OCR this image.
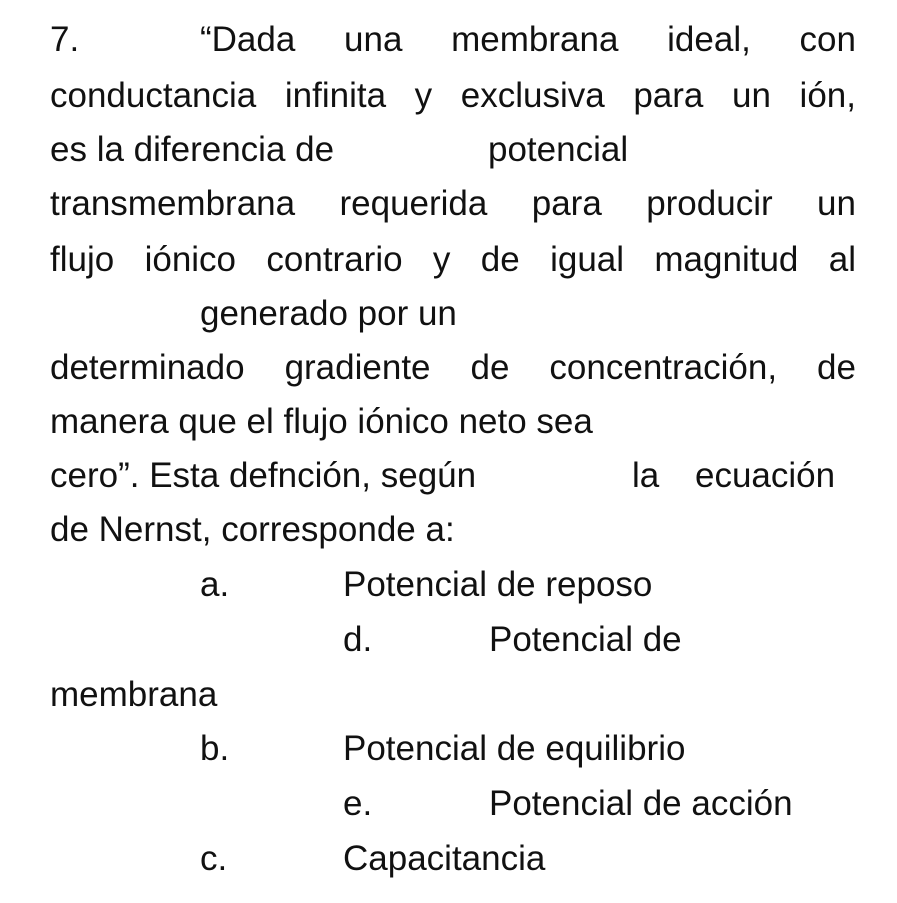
7.	“Dada una membrana ideal, con
conductancia infinita y exclusiva para un ión,
es la diferencia de	potencial
transmembrana requerida para producir un
flujo iónico contrario y de igual magnitud al
generado por un
determinado gradiente de concentración, de
manera que el flujo iónico neto sea
cero”. Esta defnción, según	la ecuación
de Nernst, corresponde a:
a.	Potencial de reposo
d.	Potencial de
membrana
b.	Potencial de equilibrio
e.	Potencial de acción
c.	Capacitancia
